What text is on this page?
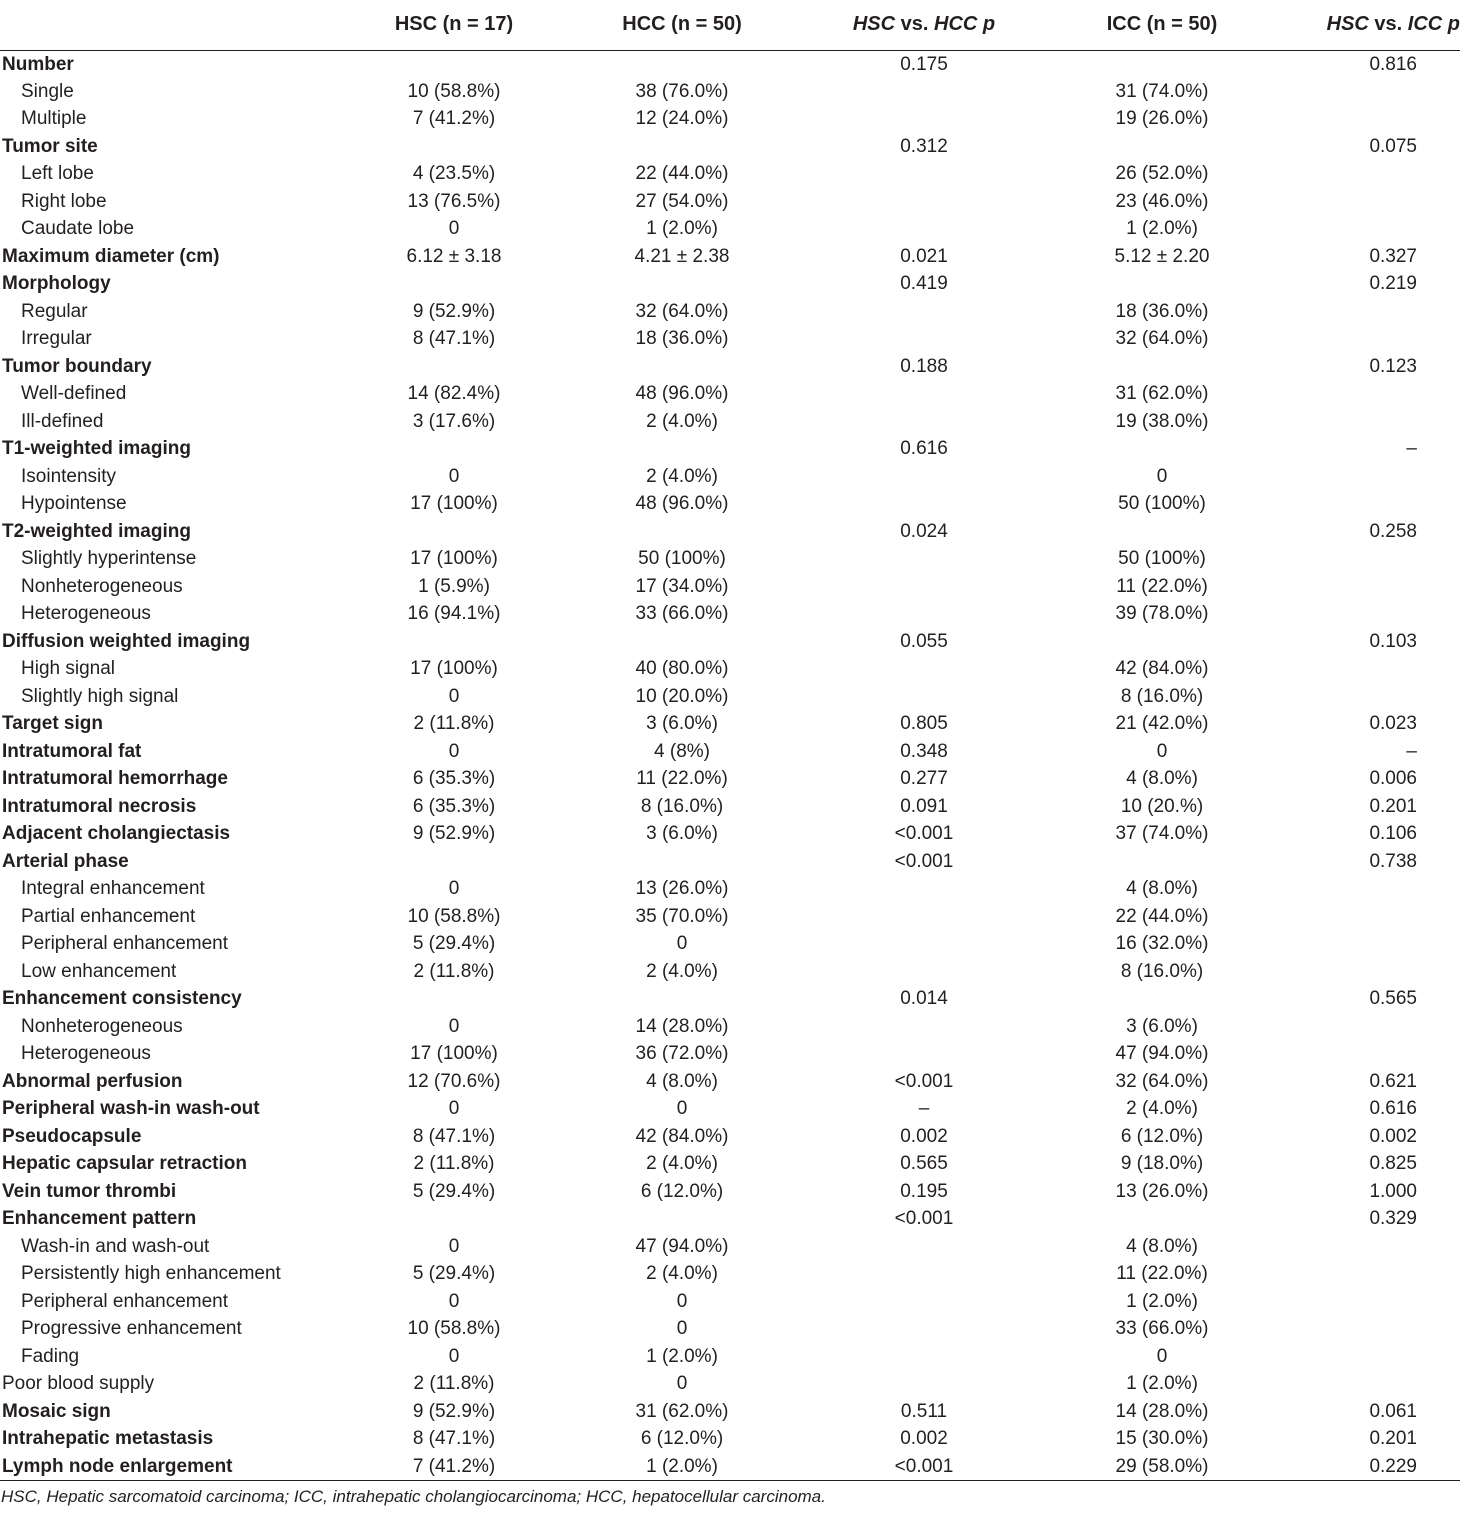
	HSC (n = 17)	HCC (n = 50)	HSC vs. HCC p	ICC (n = 50)	HSC vs. ICC p
Number			0.175		0.816
Single	10 (58.8%)	38 (76.0%)		31 (74.0%)	
Multiple	7 (41.2%)	12 (24.0%)		19 (26.0%)	
Tumor site			0.312		0.075
Left lobe	4 (23.5%)	22 (44.0%)		26 (52.0%)	
Right lobe	13 (76.5%)	27 (54.0%)		23 (46.0%)	
Caudate lobe	0	1 (2.0%)		1 (2.0%)	
Maximum diameter (cm)	6.12 ± 3.18	4.21 ± 2.38	0.021	5.12 ± 2.20	0.327
Morphology			0.419		0.219
Regular	9 (52.9%)	32 (64.0%)		18 (36.0%)	
Irregular	8 (47.1%)	18 (36.0%)		32 (64.0%)	
Tumor boundary			0.188		0.123
Well-defined	14 (82.4%)	48 (96.0%)		31 (62.0%)	
Ill-defined	3 (17.6%)	2 (4.0%)		19 (38.0%)	
T1-weighted imaging			0.616		–
Isointensity	0	2 (4.0%)		0	
Hypointense	17 (100%)	48 (96.0%)		50 (100%)	
T2-weighted imaging			0.024		0.258
Slightly hyperintense	17 (100%)	50 (100%)		50 (100%)	
Nonheterogeneous	1 (5.9%)	17 (34.0%)		11 (22.0%)	
Heterogeneous	16 (94.1%)	33 (66.0%)		39 (78.0%)	
Diffusion weighted imaging			0.055		0.103
High signal	17 (100%)	40 (80.0%)		42 (84.0%)	
Slightly high signal	0	10 (20.0%)		8 (16.0%)	
Target sign	2 (11.8%)	3 (6.0%)	0.805	21 (42.0%)	0.023
Intratumoral fat	0	4 (8%)	0.348	0	–
Intratumoral hemorrhage	6 (35.3%)	11 (22.0%)	0.277	4 (8.0%)	0.006
Intratumoral necrosis	6 (35.3%)	8 (16.0%)	0.091	10 (20.%)	0.201
Adjacent cholangiectasis	9 (52.9%)	3 (6.0%)	<0.001	37 (74.0%)	0.106
Arterial phase			<0.001		0.738
Integral enhancement	0	13 (26.0%)		4 (8.0%)	
Partial enhancement	10 (58.8%)	35 (70.0%)		22 (44.0%)	
Peripheral enhancement	5 (29.4%)	0		16 (32.0%)	
Low enhancement	2 (11.8%)	2 (4.0%)		8 (16.0%)	
Enhancement consistency			0.014		0.565
Nonheterogeneous	0	14 (28.0%)		3 (6.0%)	
Heterogeneous	17 (100%)	36 (72.0%)		47 (94.0%)	
Abnormal perfusion	12 (70.6%)	4 (8.0%)	<0.001	32 (64.0%)	0.621
Peripheral wash-in wash-out	0	0	–	2 (4.0%)	0.616
Pseudocapsule	8 (47.1%)	42 (84.0%)	0.002	6 (12.0%)	0.002
Hepatic capsular retraction	2 (11.8%)	2 (4.0%)	0.565	9 (18.0%)	0.825
Vein tumor thrombi	5 (29.4%)	6 (12.0%)	0.195	13 (26.0%)	1.000
Enhancement pattern			<0.001		0.329
Wash-in and wash-out	0	47 (94.0%)		4 (8.0%)	
Persistently high enhancement	5 (29.4%)	2 (4.0%)		11 (22.0%)	
Peripheral enhancement	0	0		1 (2.0%)	
Progressive enhancement	10 (58.8%)	0		33 (66.0%)	
Fading	0	1 (2.0%)		0	
Poor blood supply	2 (11.8%)	0		1 (2.0%)	
Mosaic sign	9 (52.9%)	31 (62.0%)	0.511	14 (28.0%)	0.061
Intrahepatic metastasis	8 (47.1%)	6 (12.0%)	0.002	15 (30.0%)	0.201
Lymph node enlargement	7 (41.2%)	1 (2.0%)	<0.001	29 (58.0%)	0.229
HSC, Hepatic sarcomatoid carcinoma; ICC, intrahepatic cholangiocarcinoma; HCC, hepatocellular carcinoma.
